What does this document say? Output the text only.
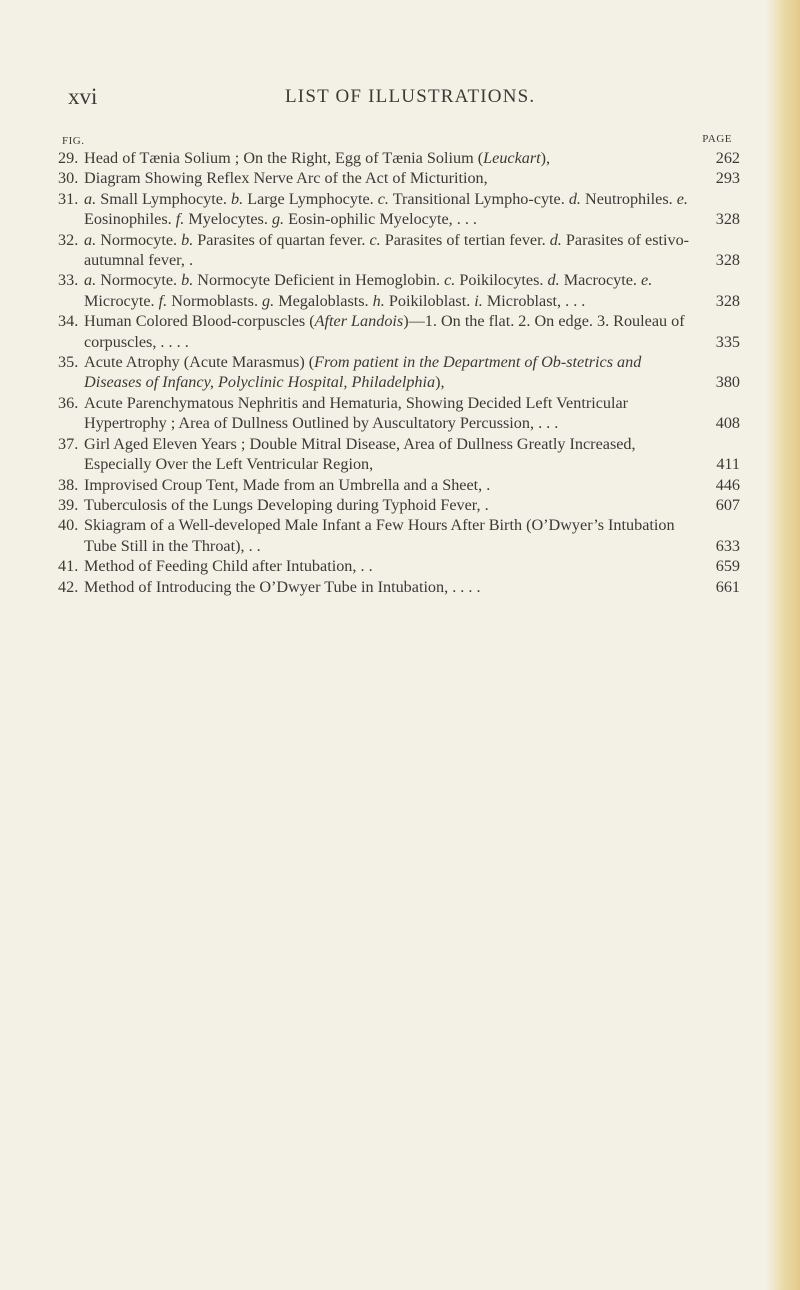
xvi	LIST OF ILLUSTRATIONS.
FIG.	PAGE
29. Head of Tænia Solium ; On the Right, Egg of Tænia Solium (Leuckart),	262
30. Diagram Showing Reflex Nerve Arc of the Act of Micturition,	293
31. a. Small Lymphocyte. b. Large Lymphocyte. c. Transitional Lympho-cyte. d. Neutrophiles. e. Eosinophiles. f. Myelocytes. g. Eosin-ophilic Myelocyte, . . .	328
32. a. Normocyte. b. Parasites of quartan fever. c. Parasites of tertian fever. d. Parasites of estivo-autumnal fever, .	328
33. a. Normocyte. b. Normocyte Deficient in Hemoglobin. c. Poikilocytes. d. Macrocyte. e. Microcyte. f. Normoblasts. g. Megaloblasts. h. Poikiloblast. i. Microblast, . . .	328
34. Human Colored Blood-corpuscles (After Landois)—1. On the flat. 2. On edge. 3. Rouleau of corpuscles, . . . .	335
35. Acute Atrophy (Acute Marasmus) (From patient in the Department of Ob-stetrics and Diseases of Infancy, Polyclinic Hospital, Philadelphia),	380
36. Acute Parenchymatous Nephritis and Hematuria, Showing Decided Left Ventricular Hypertrophy ; Area of Dullness Outlined by Auscultatory Percussion, . . .	408
37. Girl Aged Eleven Years ; Double Mitral Disease, Area of Dullness Greatly Increased, Especially Over the Left Ventricular Region,	411
38. Improvised Croup Tent, Made from an Umbrella and a Sheet, .	446
39. Tuberculosis of the Lungs Developing during Typhoid Fever, .	607
40. Skiagram of a Well-developed Male Infant a Few Hours After Birth (O’Dwyer’s Intubation Tube Still in the Throat), . .	633
41. Method of Feeding Child after Intubation, . .	659
42. Method of Introducing the O’Dwyer Tube in Intubation, . . . .	661
